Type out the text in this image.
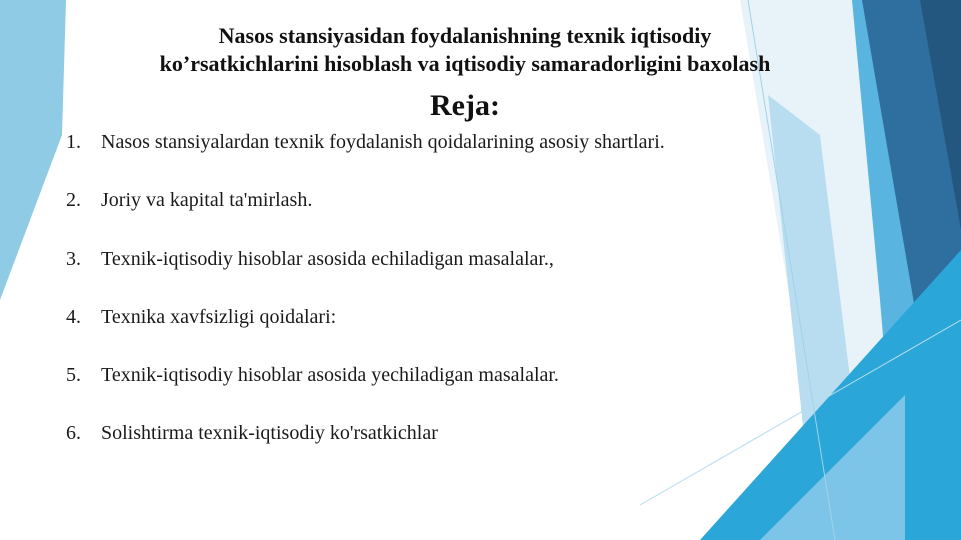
Nasos stansiyasidan foydalanishning texnik iqtisodiy
ko’rsatkichlarini hisoblash va iqtisodiy samaradorligini baxolash
Reja:
1. Nasos stansiyalardan texnik foydalanish qoidalarining asosiy shartlari.
2. Joriy va kapital ta'mirlash.
3. Texnik-iqtisodiy hisoblar asosida echiladigan masalalar.,
4. Texnika xavfsizligi qoidalari:
5. Texnik-iqtisodiy hisoblar asosida yechiladigan masalalar.
6. Solishtirma texnik-iqtisodiy ko'rsatkichlar
